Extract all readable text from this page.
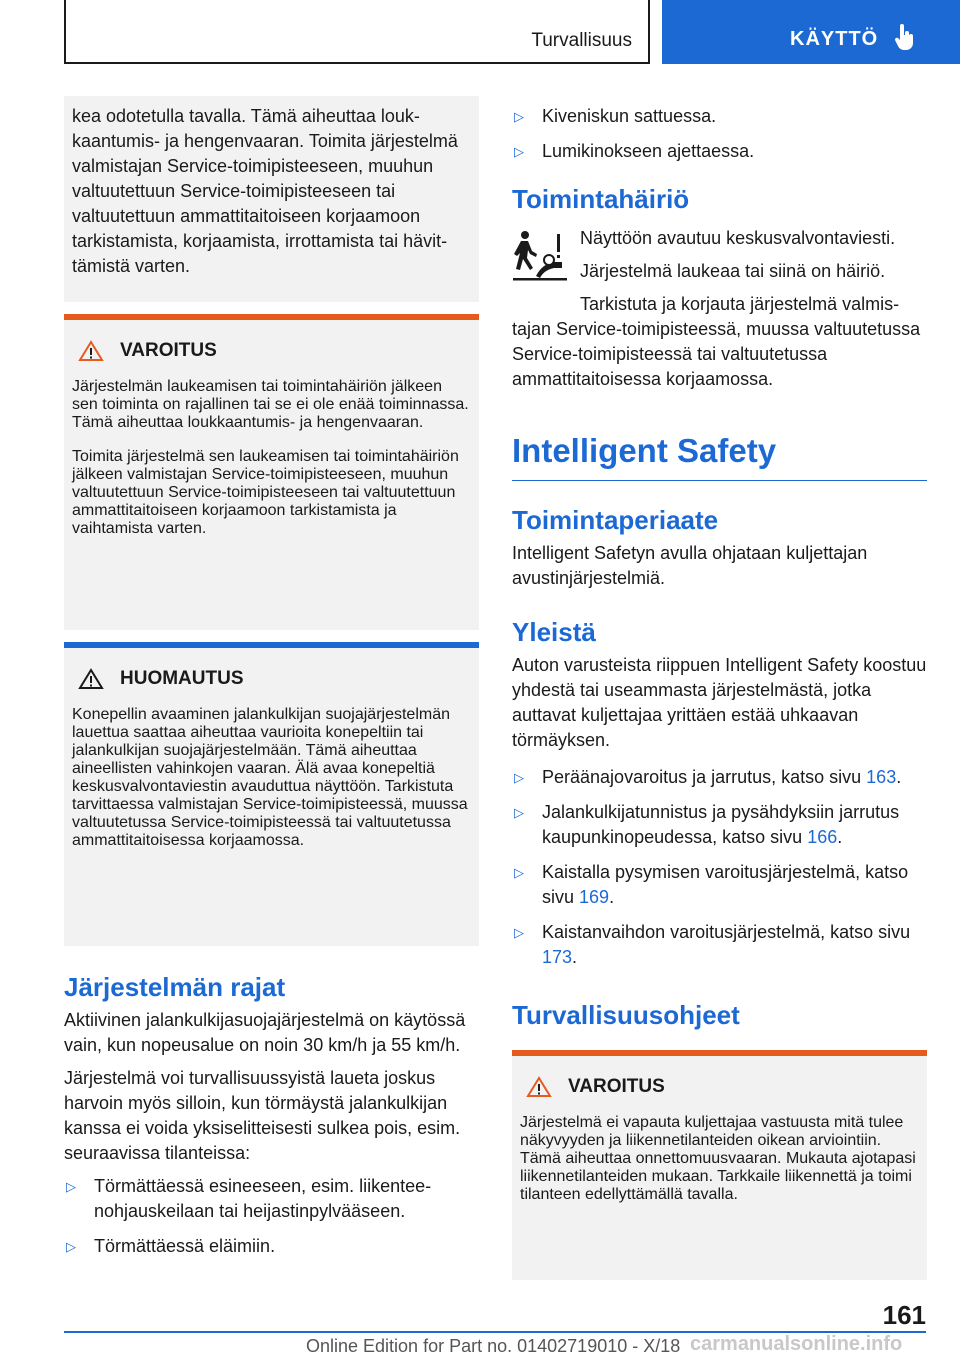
Turvallisuus	KÄYTTÖ

kea odotetulla tavalla. Tämä aiheuttaa loukkaantumis- ja hengenvaaran. Toimita järjestelmä valmistajan Service-toimipisteeseen, muuhun valtuutettuun Service-toimipisteeseen tai valtuutettuun ammattitaitoiseen korjaamoon tarkistamista, korjaamista, irrottamista tai hävittämistä varten.

VAROITUS

Järjestelmän laukeamisen tai toimintahäiriön jälkeen sen toiminta on rajallinen tai se ei ole enää toiminnassa. Tämä aiheuttaa loukkaantumis- ja hengenvaaran.

Toimita järjestelmä sen laukeamisen tai toimintahäiriön jälkeen valmistajan Service-toimipisteeseen, muuhun valtuutettuun Service-toimipisteeseen tai valtuutettuun ammattitaitoiseen korjaamoon tarkistamista ja vaihtamista varten.

HUOMAUTUS

Konepellin avaaminen jalankulkijan suojajärjestelmän lauettua saattaa aiheuttaa vaurioita konepeltiin tai jalankulkijan suojajärjestelmään. Tämä aiheuttaa aineellisten vahinkojen vaaran. Älä avaa konepeltiä keskusvalvontaviestin avauduttua näyttöön. Tarkistuta tarvittaessa valmistajan Service-toimipisteessä, muussa valtuutetussa Service-toimipisteessä tai valtuutetussa ammattitaitoisessa korjaamossa.

Järjestelmän rajat

Aktiivinen jalankulkijasuojajärjestelmä on käytössä vain, kun nopeusalue on noin 30 km/h ja 55 km/h.

Järjestelmä voi turvallisuussyistä laueta joskus harvoin myös silloin, kun törmäystä jalankulkijan kanssa ei voida yksiselitteisesti sulkea pois, esim. seuraavissa tilanteissa:

▷ Törmättäessä esineeseen, esim. liikenteenohjauskeilaan tai heijastinpylvääseen.
▷ Törmättäessä eläimiin.
▷ Kiveniskun sattuessa.
▷ Lumikinokseen ajettaessa.
Toimintahäiriö

Näyttöön avautuu keskusvalvontaviesti.

Järjestelmä laukeaa tai siinä on häiriö.

Tarkistuta ja korjauta järjestelmä valmistajan Service-toimipisteessä, muussa valtuutetussa Service-toimipisteessä tai valtuutetussa ammattitaitoisessa korjaamossa.

Intelligent Safety
Toimintaperiaate

Intelligent Safetyn avulla ohjataan kuljettajan avustinjärjestelmiä.

Yleistä

Auton varusteista riippuen Intelligent Safety koostuu yhdestä tai useammasta järjestelmästä, jotka auttavat kuljettajaa yrittäen estää uhkaavan törmäyksen.

▷ Peräänajovaroitus ja jarrutus, katso sivu 163.
▷ Jalankulkijatunnistus ja pysähdyksiin jarrutus kaupunkinopeudessa, katso sivu 166.
▷ Kaistalla pysymisen varoitusjärjestelmä, katso sivu 169.
▷ Kaistanvaihdon varoitusjärjestelmä, katso sivu 173.
Turvallisuusohjeet
VAROITUS

Järjestelmä ei vapauta kuljettajaa vastuusta mitä tulee näkyvyyden ja liikennetilanteiden oikean arviointiin. Tämä aiheuttaa onnettomuusvaaran. Mukauta ajotapasi liikennetilanteiden mukaan. Tarkkaile liikennettä ja toimi tilanteen edellyttämällä tavalla.

161
Online Edition for Part no. 01402719010 - X/18 carmanualsonline.info
